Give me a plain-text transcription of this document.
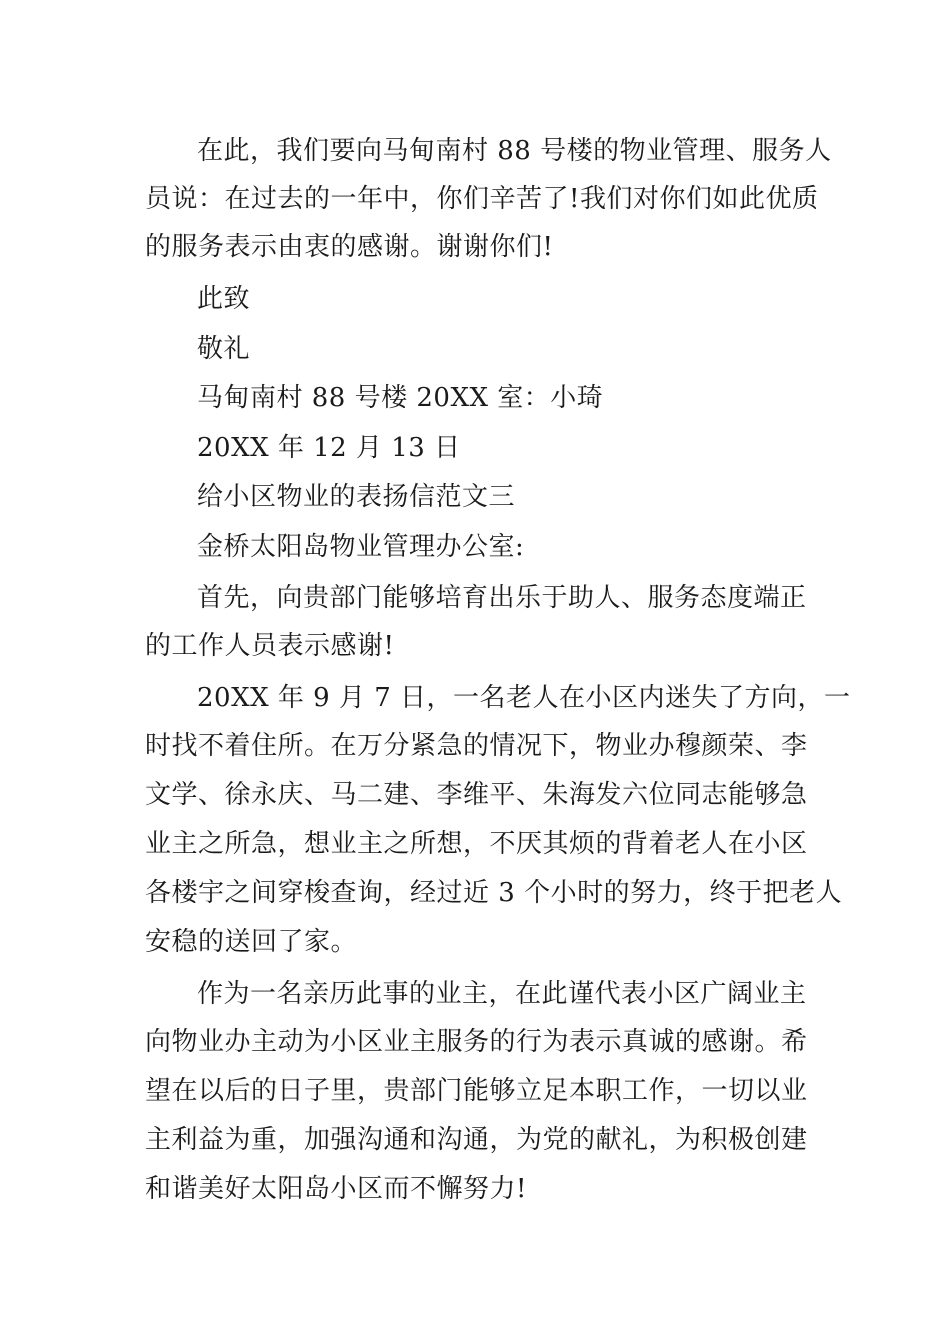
在此，我们要向马甸南村 88 号楼的物业管理、服务人
员说：在过去的一年中，你们辛苦了!我们对你们如此优质
的服务表示由衷的感谢。谢谢你们!
此致
敬礼
马甸南村 88 号楼 20XX 室：小琦
20XX 年 12 月 13 日
给小区物业的表扬信范文三
金桥太阳岛物业管理办公室:
首先，向贵部门能够培育出乐于助人、服务态度端正
的工作人员表示感谢!
20XX 年 9 月 7 日，一名老人在小区内迷失了方向，一
时找不着住所。在万分紧急的情况下，物业办穆颜荣、李
文学、徐永庆、马二建、李维平、朱海发六位同志能够急
业主之所急，想业主之所想，不厌其烦的背着老人在小区
各楼宇之间穿梭查询，经过近 3 个小时的努力，终于把老人
安稳的送回了家。
作为一名亲历此事的业主，在此谨代表小区广阔业主
向物业办主动为小区业主服务的行为表示真诚的感谢。希
望在以后的日子里，贵部门能够立足本职工作，一切以业
主利益为重，加强沟通和沟通，为党的献礼，为积极创建
和谐美好太阳岛小区而不懈努力!
